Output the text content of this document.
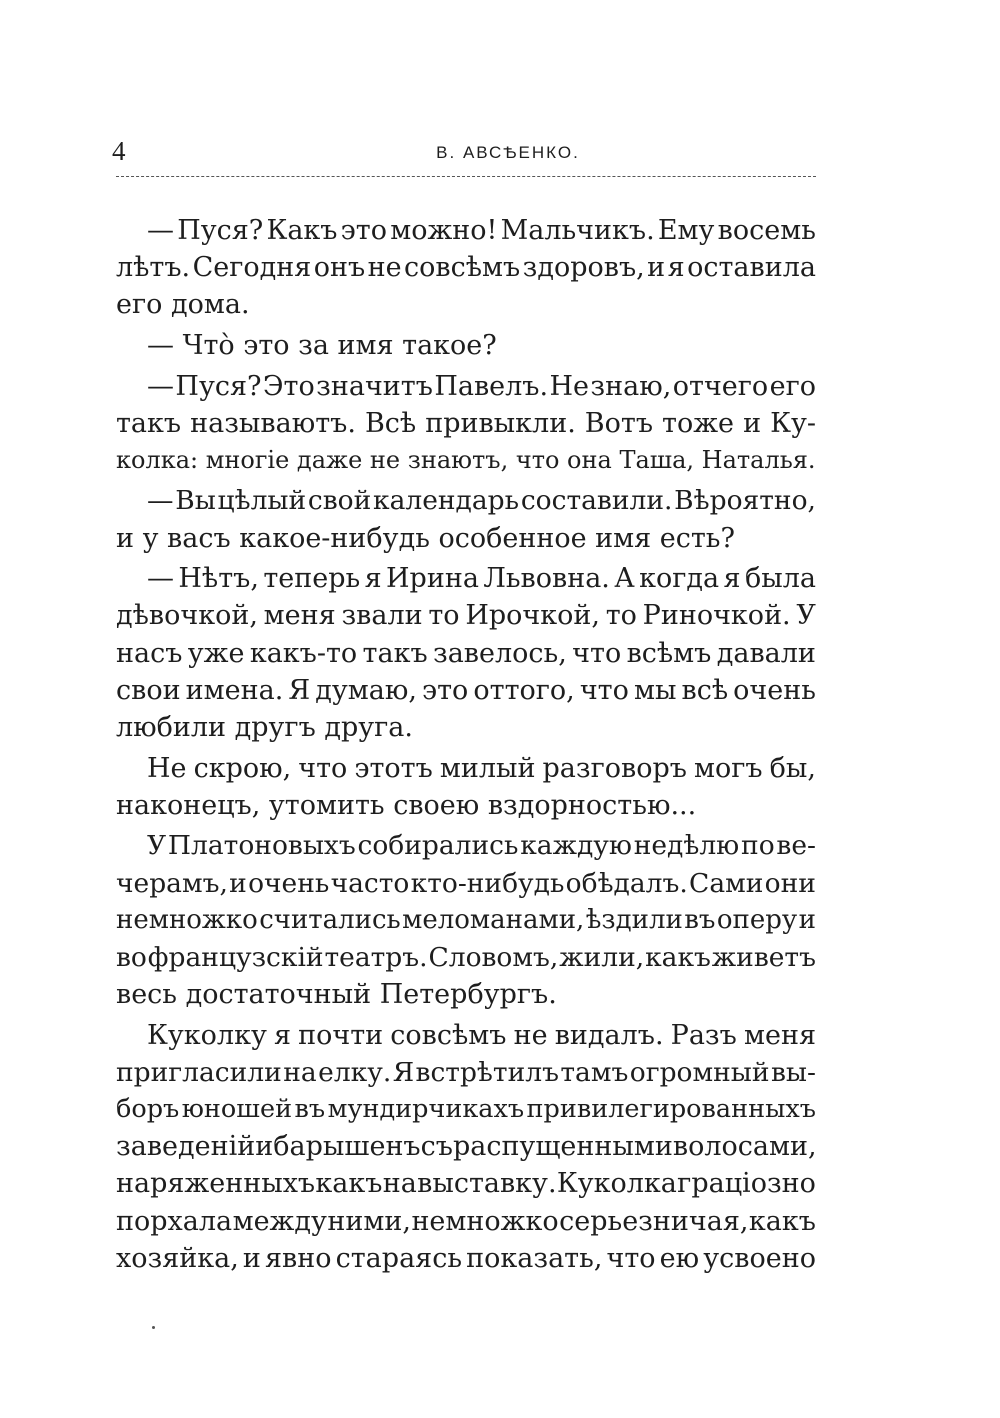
4	В. АВСѢЕНКО.
— Пуся? Какъ это можно! Мальчикъ. Ему восемь
лѣтъ. Сегодня онъ не совсѣмъ здоровъ, и я оставила
его дома.
— Что̀ это за имя такое?
— Пуся? Это значитъ Павелъ. Не знаю, отчего его
такъ называютъ. Всѣ привыкли. Вотъ тоже и Ку-
колка: многіе даже не знаютъ, что она Таша, Наталья.
— Вы цѣлый свой календарь составили. Вѣроятно,
и у васъ какое-нибудь особенное имя есть?
— Нѣтъ, теперь я Ирина Львовна. А когда я была
дѣвочкой, меня звали то Ирочкой, то Риночкой. У
насъ уже какъ-то такъ завелось, что всѣмъ давали
свои имена. Я думаю, это оттого, что мы всѣ очень
любили другъ друга.
Не скрою, что этотъ милый разговоръ могъ бы,
наконецъ, утомить своею вздорностью...
У Платоновыхъ собирались каждую недѣлю по ве-
черамъ, и очень часто кто-нибудь обѣдалъ. Сами они
немножко считались меломанами, ѣздили въ оперу и
во французскій театръ. Словомъ, жили, какъ живетъ
весь достаточный Петербургъ.
Куколку я почти совсѣмъ не видалъ. Разъ меня
пригласили на елку. Я встрѣтилъ тамъ огромный вы-
боръ юношей въ мундирчикахъ привилегированныхъ
заведеній и барышенъ съ распущенными волосами,
наряженныхъ какъ на выставку. Куколка граціозно
порхала между ними, немножко серьезничая, какъ
хозяйка, и явно стараясь показать, что ею усвоено
